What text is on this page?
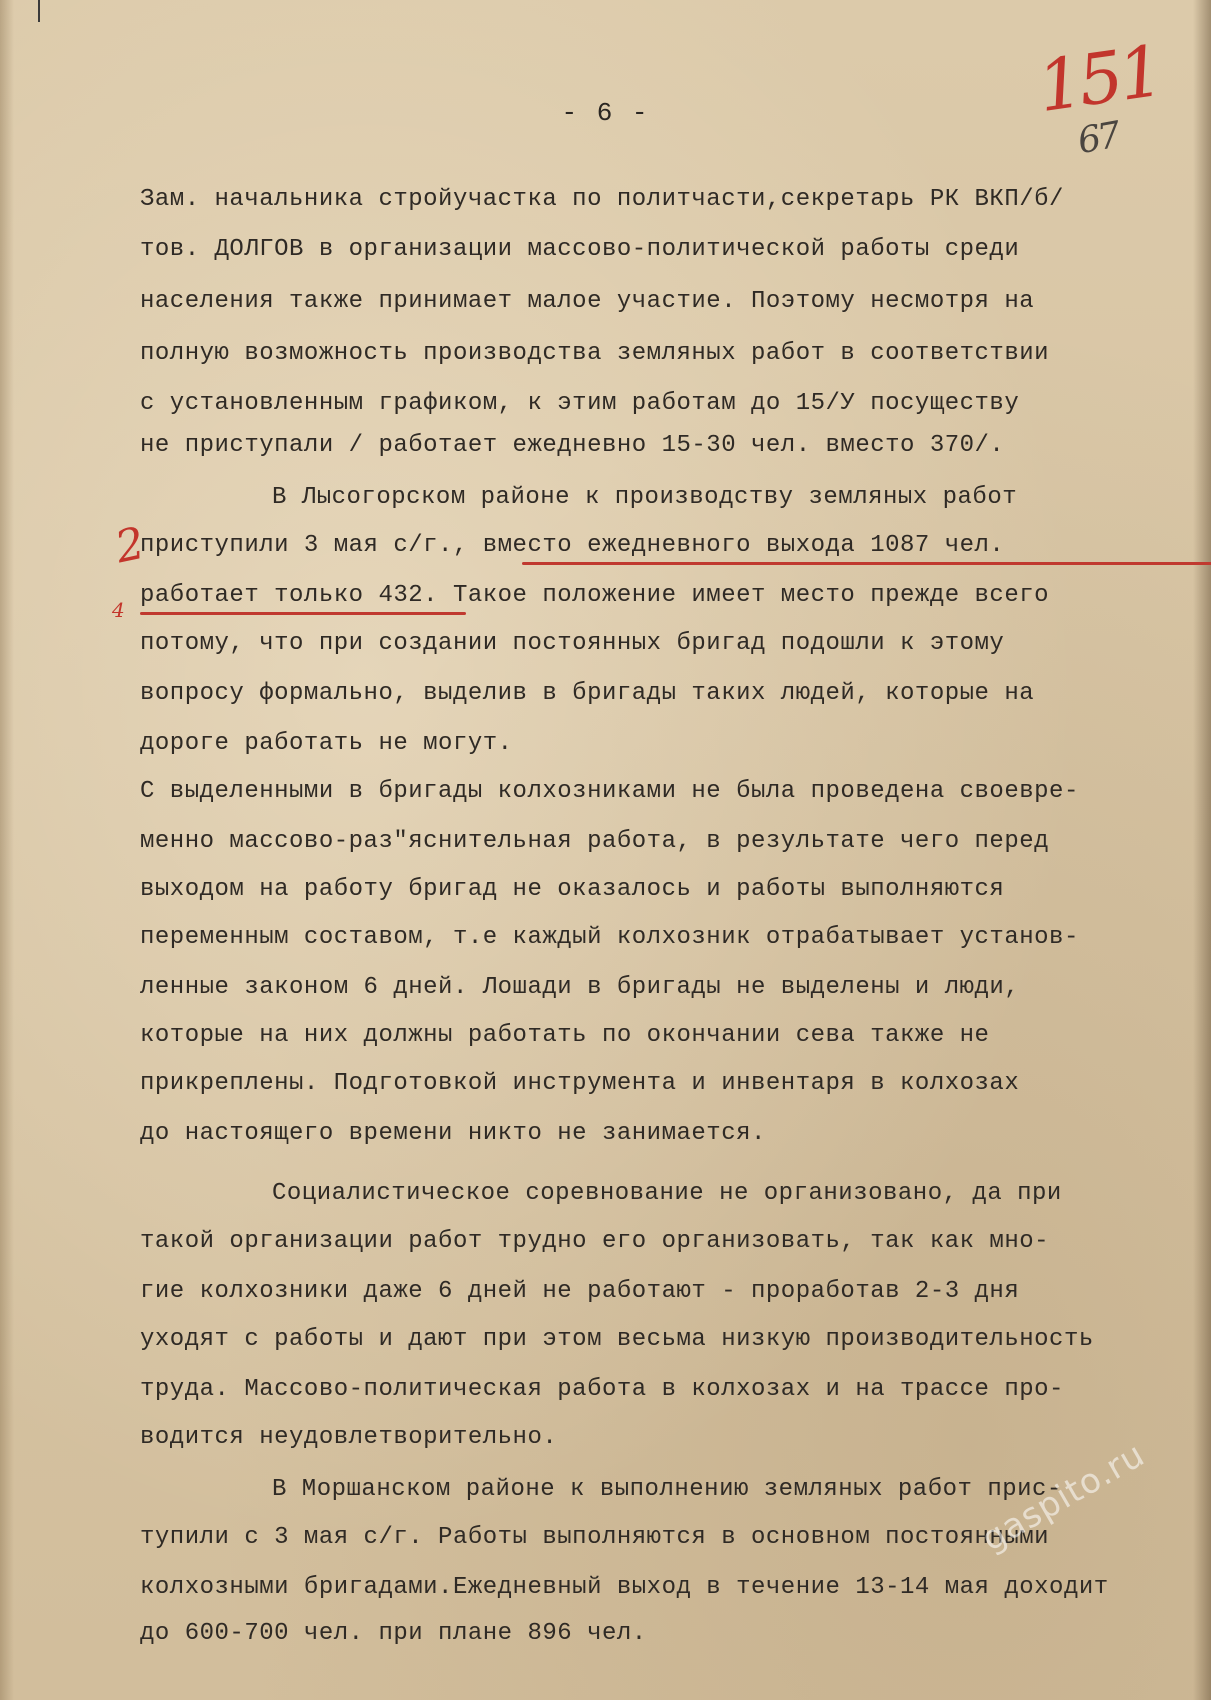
- 6 -	151
67
2
4
Зам. начальника стройучастка по политчасти,секретарь РК ВКП/б/
тов. ДОЛГОВ в организации массово-политической работы среди
населения также принимает малое участие. Поэтому несмотря на
полную возможность производства земляных работ в соответствии
с установленным графиком, к этим работам до 15/У посуществу
не приступали / работает ежедневно 15-30 чел. вместо 370/.
В Лысогорском районе к производству земляных работ
приступили 3 мая с/г., вместо ежедневного выхода 1087 чел.
работает только 432. Такое положение имеет место прежде всего
потому, что при создании постоянных бригад подошли к этому
вопросу формально, выделив в бригады таких людей, которые на
дороге работать не могут.
С выделенными в бригады колхозниками не была проведена своевре-
менно массово-раз"яснительная работа, в результате чего перед
выходом на работу бригад не оказалось и работы выполняются
переменным составом, т.е каждый колхозник отрабатывает установ-
ленные законом 6 дней. Лошади в бригады не выделены и люди,
которые на них должны работать по окончании сева также не
прикреплены. Подготовкой инструмента и инвентаря в колхозах
до настоящего времени никто не занимается.
Социалистическое соревнование не организовано, да при
такой организации работ трудно его организовать, так как мно-
гие колхозники даже 6 дней не работают - проработав 2-3 дня
уходят с работы и дают при этом весьма низкую производительность
труда. Массово-политическая работа в колхозах и на трассе про-
водится неудовлетворительно.
В Моршанском районе к выполнению земляных работ прис-
тупили с 3 мая с/г. Работы выполняются в основном постоянными
колхозными бригадами.Ежедневный выход в течение 13-14 мая доходит
до 600-700 чел. при плане 896 чел.
gaspito.ru
